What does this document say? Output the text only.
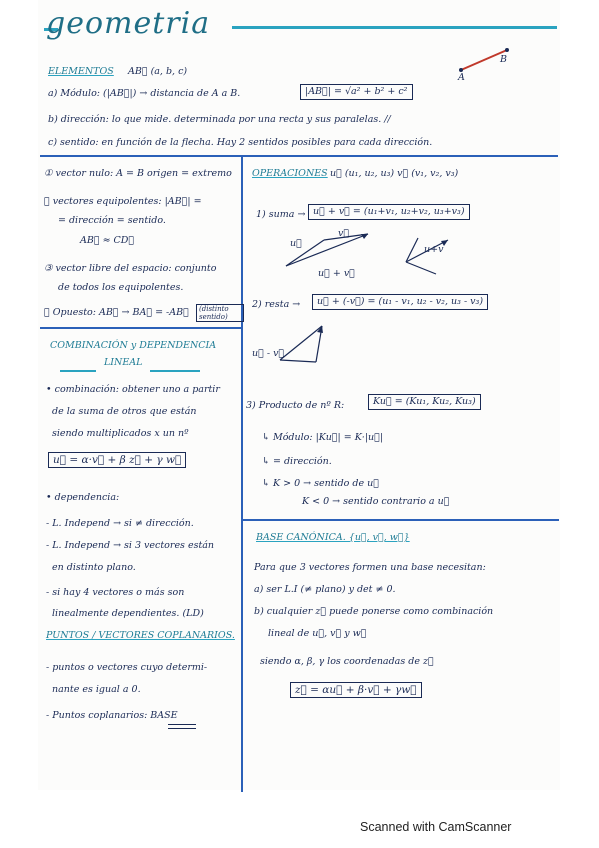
geometria
ELEMENTOS AB⃗ (a, b, c)
A
B
a) Módulo: (|AB⃗|) → distancia de A a B.	|AB⃗| = √a² + b² + c²
b) dirección: lo que mide. determinada por una recta y sus paralelas. //
c) sentido: en función de la flecha. Hay 2 sentidos posibles para cada dirección.
① vector nulo: A = B origen = extremo
② vectores equipolentes: |AB⃗| =
= dirección = sentido.
AB⃗ ≈ CD⃗
③ vector libre del espacio: conjunto
de todos los equipolentes.
④ Opuesto: AB⃗ → BA⃗ = -AB⃗	(distinto sentido)
COMBINACIÓN y DEPENDENCIA
LINEAL
• combinación: obtener uno a partir
de la suma de otros que están
siendo multiplicados x un nº
u⃗ = α·v⃗ + β z⃗ + γ w⃗
• dependencia:
- L. Independ → si ≠ dirección.
- L. Independ → si 3 vectores están
en distinto plano.
- si hay 4 vectores o más son
linealmente dependientes. (LD)
PUNTOS / VECTORES COPLANARIOS.
- puntos o vectores cuyo determi-
nante es igual a 0.
- Puntos coplanarios: BASE
OPERACIONES u⃗ (u₁, u₂, u₃) v⃗ (v₁, v₂, v₃)
1) suma → u⃗ + v⃗ = (u₁+v₁, u₂+v₂, u₃+v₃)
u⃗
v⃗
u⃗ + v⃗
u+v
2) resta →	u⃗ + (-v⃗) = (u₁ - v₁, u₂ - v₂, u₃ - v₃)
u⃗ - v⃗
3) Producto de nº R:	Ku⃗ = (Ku₁, Ku₂, Ku₃)
↳ Módulo: |Ku⃗| = K·|u⃗|
↳ = dirección.
↳ K > 0 → sentido de u⃗
K < 0 → sentido contrario a u⃗
BASE CANÓNICA. {u⃗, v⃗, w⃗}
Para que 3 vectores formen una base necesitan:
a) ser L.I (≠ plano) y det ≠ 0.
b) cualquier z⃗ puede ponerse como combinación
lineal de u⃗, v⃗ y w⃗
siendo α, β, γ los coordenadas de z⃗
z⃗ = αu⃗ + β·v⃗ + γw⃗
Scanned with CamScanner
